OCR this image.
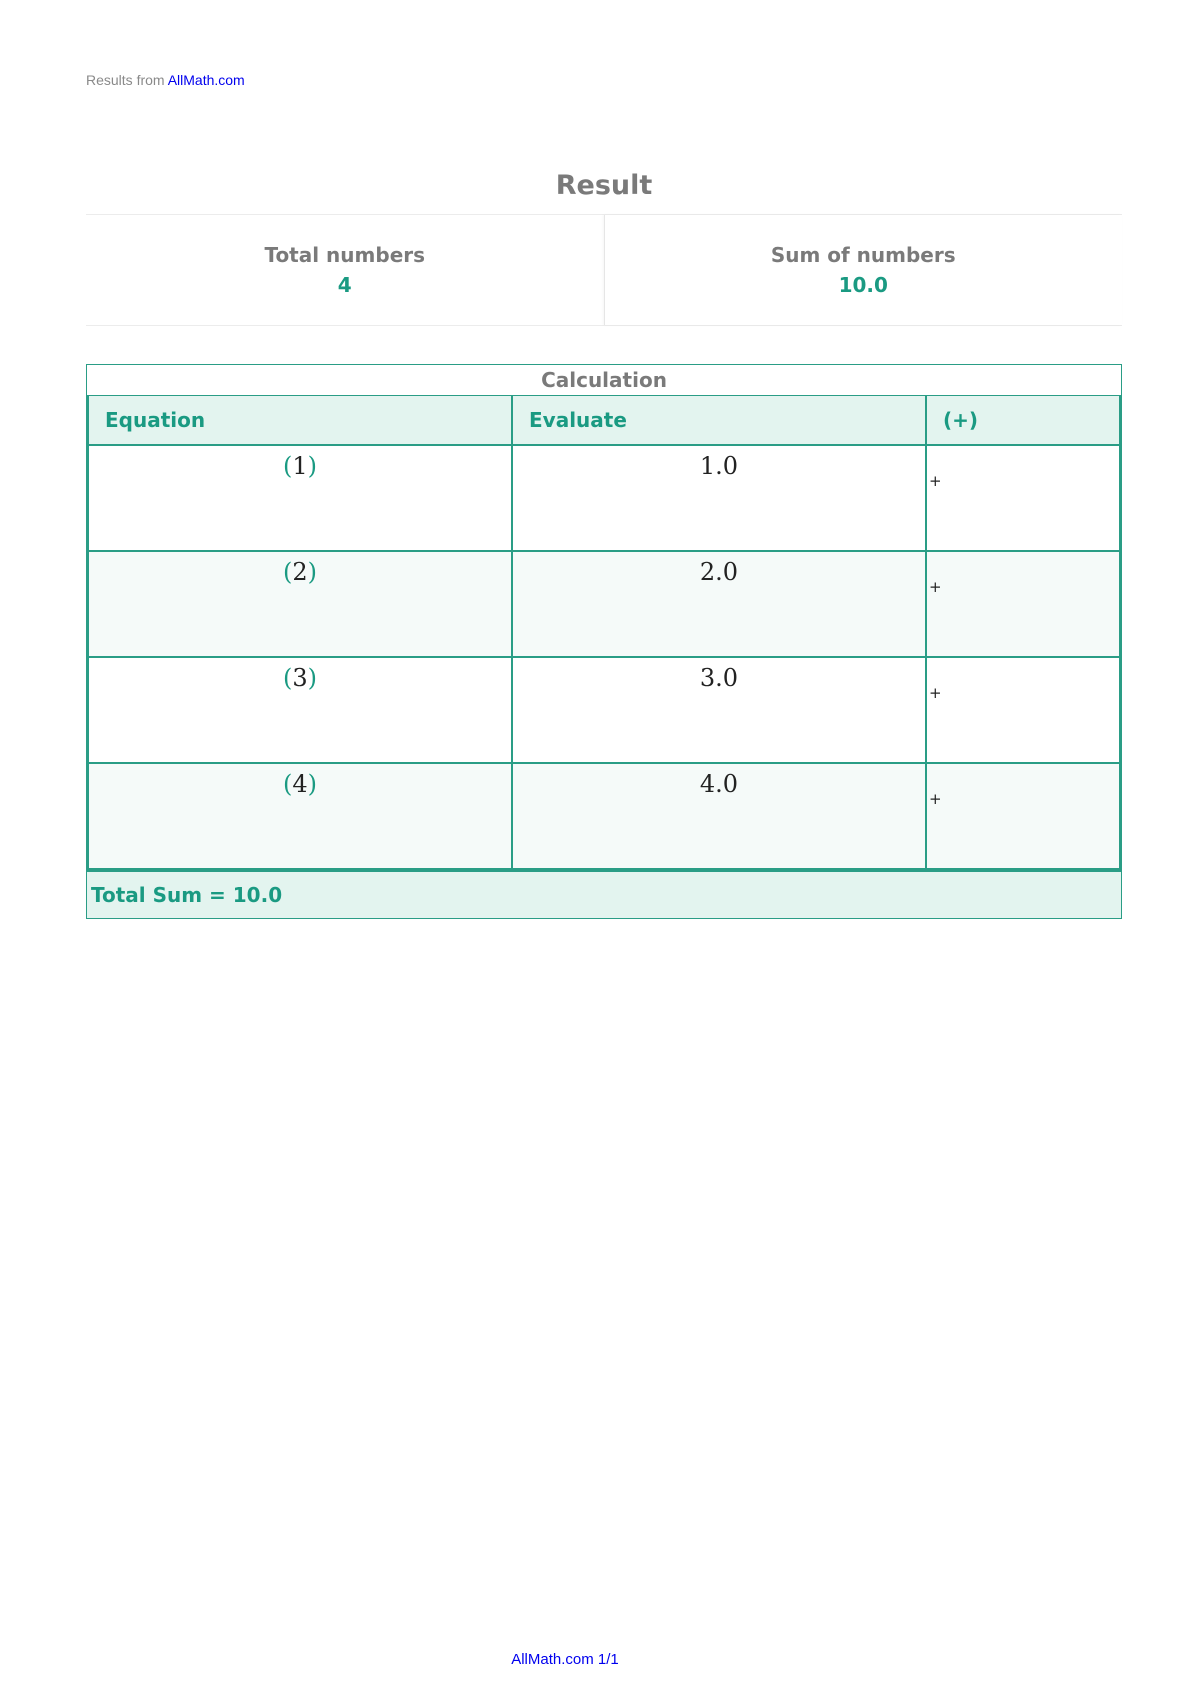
Results from AllMath.com
Result
Total numbers
4
Sum of numbers
10.0
Calculation
Equation	Evaluate	(+)
(1)	1.0	+
(2)	2.0	+
(3)	3.0	+
(4)	4.0	+
Total Sum = 10.0
AllMath.com 1/1
